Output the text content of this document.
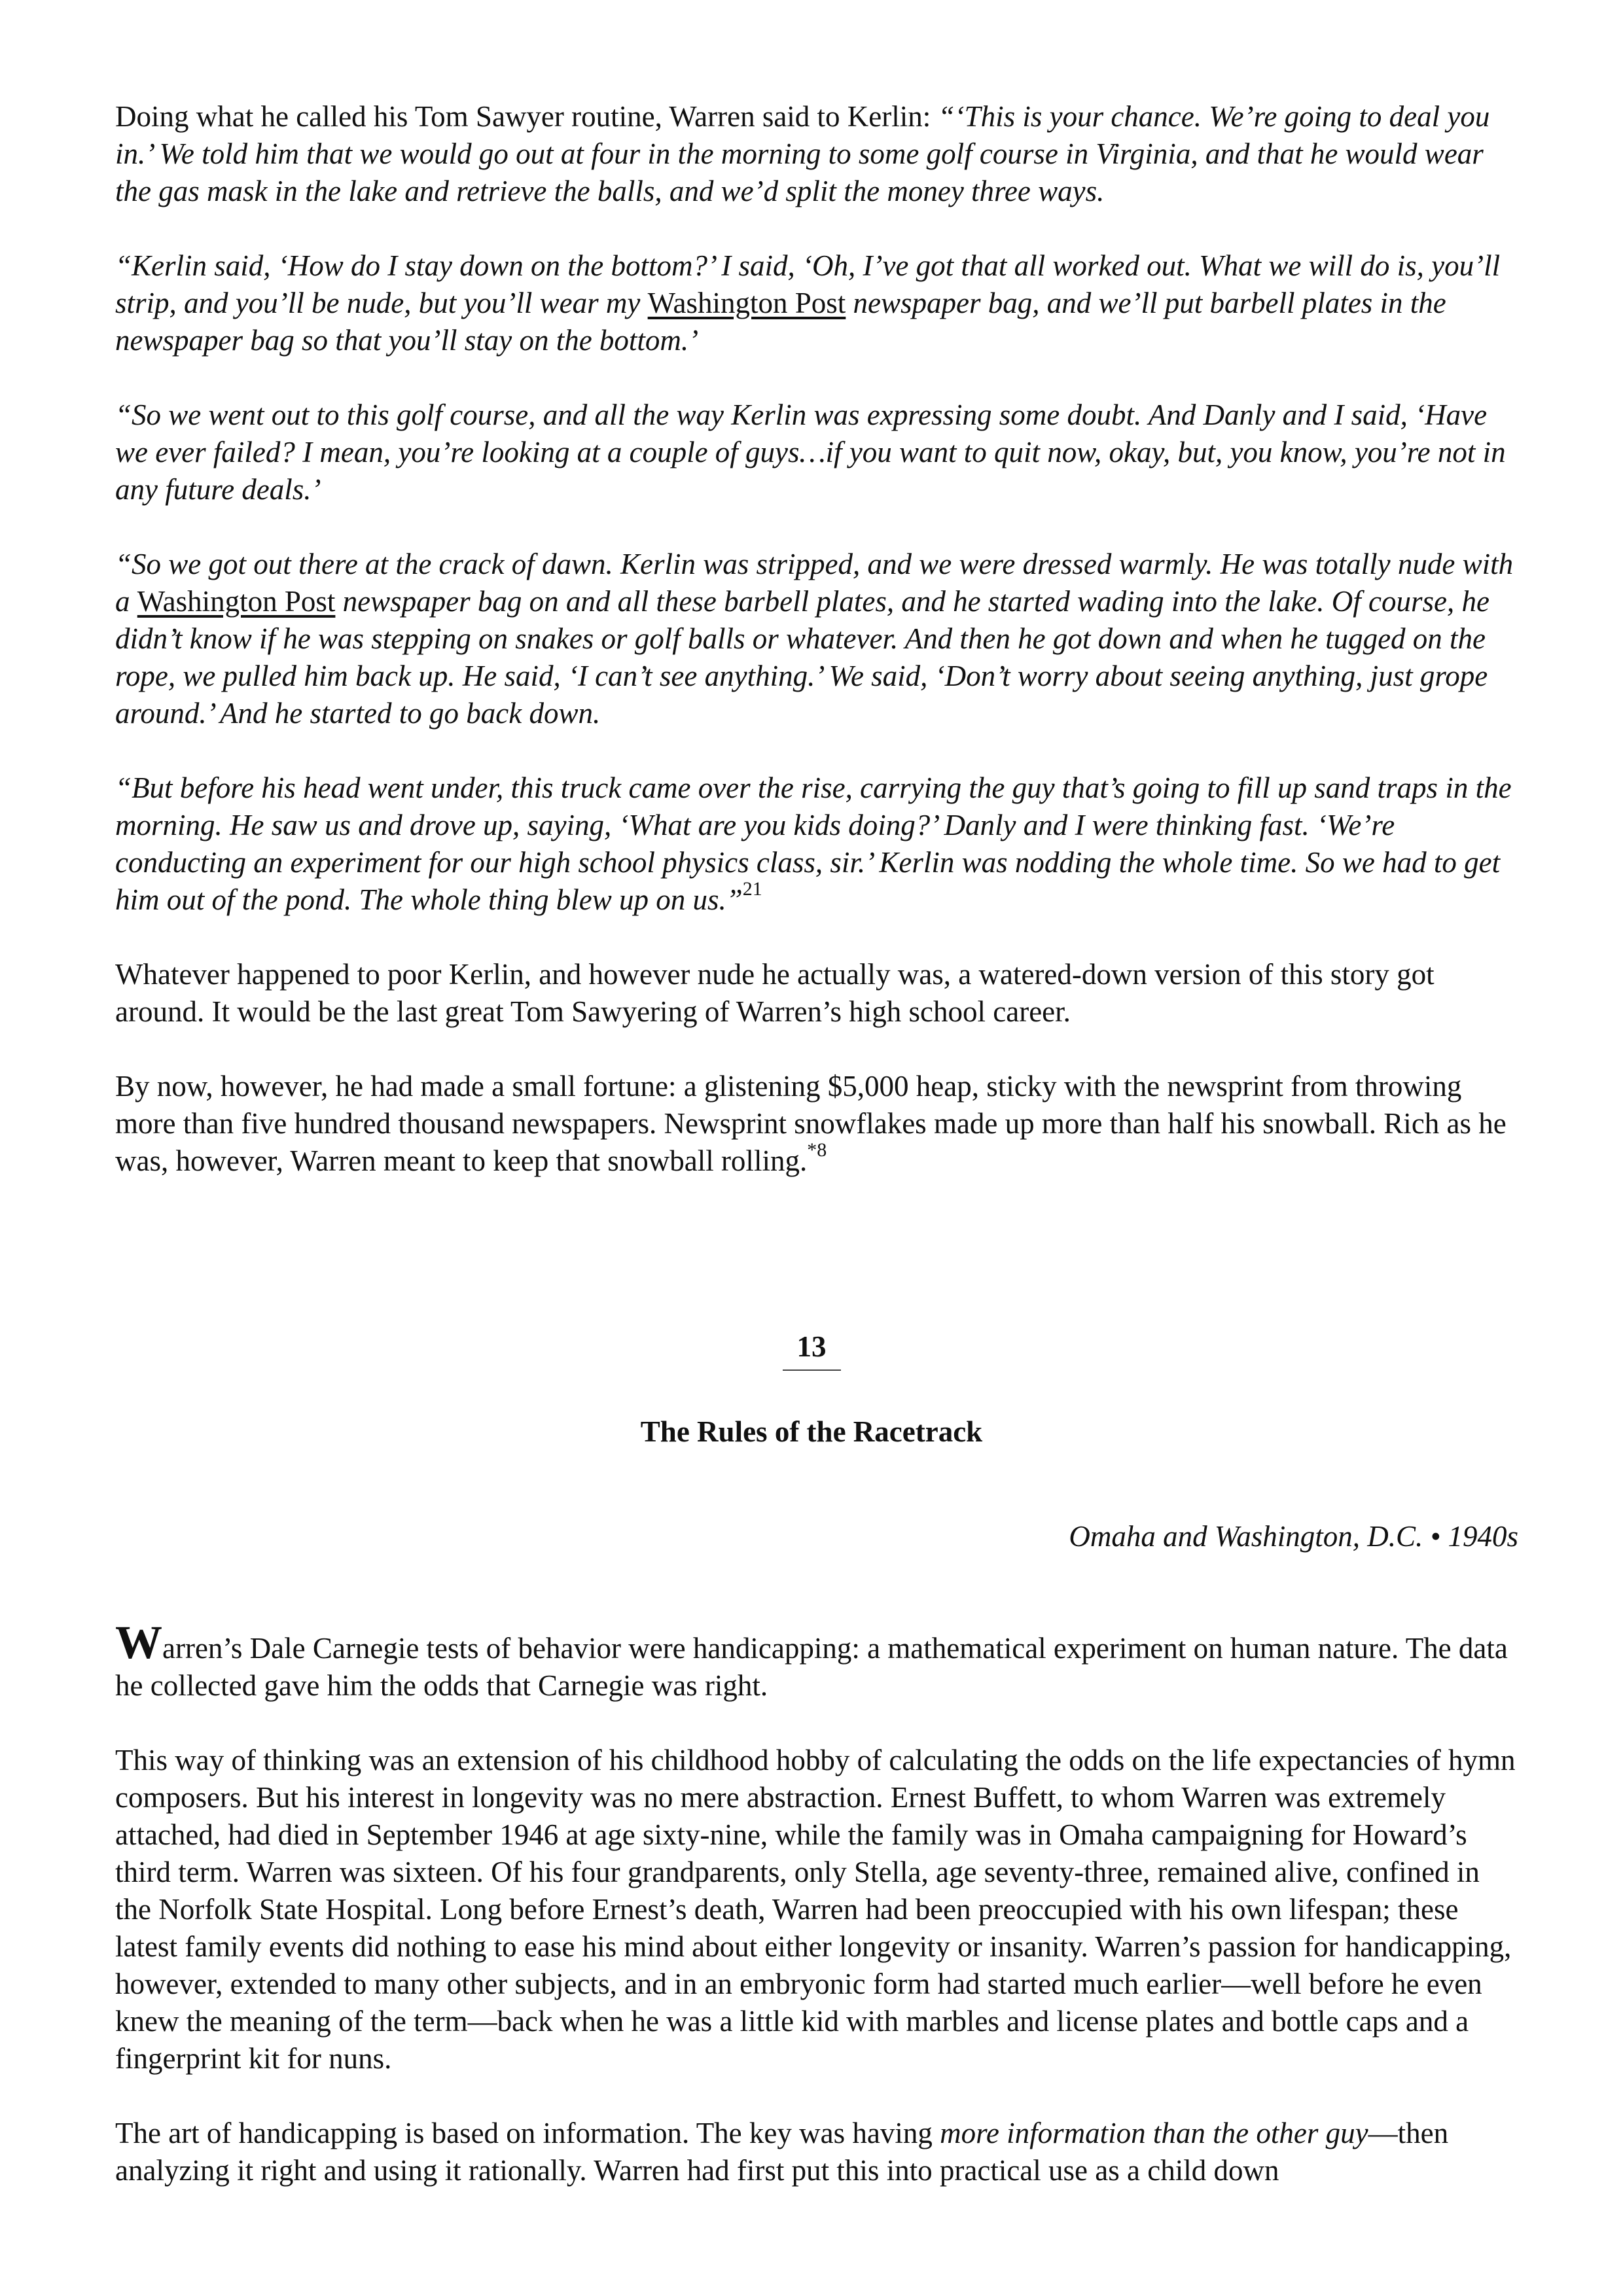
Doing what he called his Tom Sawyer routine, Warren said to Kerlin: “‘This is your chance. We’re going to deal you in.’ We told him that we would go out at four in the morning to some golf course in Virginia, and that he would wear the gas mask in the lake and retrieve the balls, and we’d split the money three ways.

“Kerlin said, ‘How do I stay down on the bottom?’ I said, ‘Oh, I’ve got that all worked out. What we will do is, you’ll strip, and you’ll be nude, but you’ll wear my Washington Post newspaper bag, and we’ll put barbell plates in the newspaper bag so that you’ll stay on the bottom.’

“So we went out to this golf course, and all the way Kerlin was expressing some doubt. And Danly and I said, ‘Have we ever failed? I mean, you’re looking at a couple of guys…if you want to quit now, okay, but, you know, you’re not in any future deals.’

“So we got out there at the crack of dawn. Kerlin was stripped, and we were dressed warmly. He was totally nude with a Washington Post newspaper bag on and all these barbell plates, and he started wading into the lake. Of course, he didn’t know if he was stepping on snakes or golf balls or whatever. And then he got down and when he tugged on the rope, we pulled him back up. He said, ‘I can’t see anything.’ We said, ‘Don’t worry about seeing anything, just grope around.’ And he started to go back down.

“But before his head went under, this truck came over the rise, carrying the guy that’s going to fill up sand traps in the morning. He saw us and drove up, saying, ‘What are you kids doing?’ Danly and I were thinking fast. ‘We’re conducting an experiment for our high school physics class, sir.’ Kerlin was nodding the whole time. So we had to get him out of the pond. The whole thing blew up on us.”$^{21}$

Whatever happened to poor Kerlin, and however nude he actually was, a watered-down version of this story got around. It would be the last great Tom Sawyering of Warren’s high school career.

By now, however, he had made a small fortune: a glistening $5,000 heap, sticky with the newsprint from throwing more than five hundred thousand newspapers. Newsprint snowflakes made up more than half his snowball. Rich as he was, however, Warren meant to keep that snowball rolling.$^{*8}$

13
The Rules of the Racetrack
Omaha and Washington, D.C. • 1940s

Warren’s Dale Carnegie tests of behavior were handicapping: a mathematical experiment on human nature. The data he collected gave him the odds that Carnegie was right.

This way of thinking was an extension of his childhood hobby of calculating the odds on the life expectancies of hymn composers. But his interest in longevity was no mere abstraction. Ernest Buffett, to whom Warren was extremely attached, had died in September 1946 at age sixty-nine, while the family was in Omaha campaigning for Howard’s third term. Warren was sixteen. Of his four grandparents, only Stella, age seventy-three, remained alive, confined in the Norfolk State Hospital. Long before Ernest’s death, Warren had been preoccupied with his own lifespan; these latest family events did nothing to ease his mind about either longevity or insanity. Warren’s passion for handicapping, however, extended to many other subjects, and in an embryonic form had started much earlier—well before he even knew the meaning of the term—back when he was a little kid with marbles and license plates and bottle caps and a fingerprint kit for nuns.

The art of handicapping is based on information. The key was having more information than the other guy—then analyzing it right and using it rationally. Warren had first put this into practical use as a child down
